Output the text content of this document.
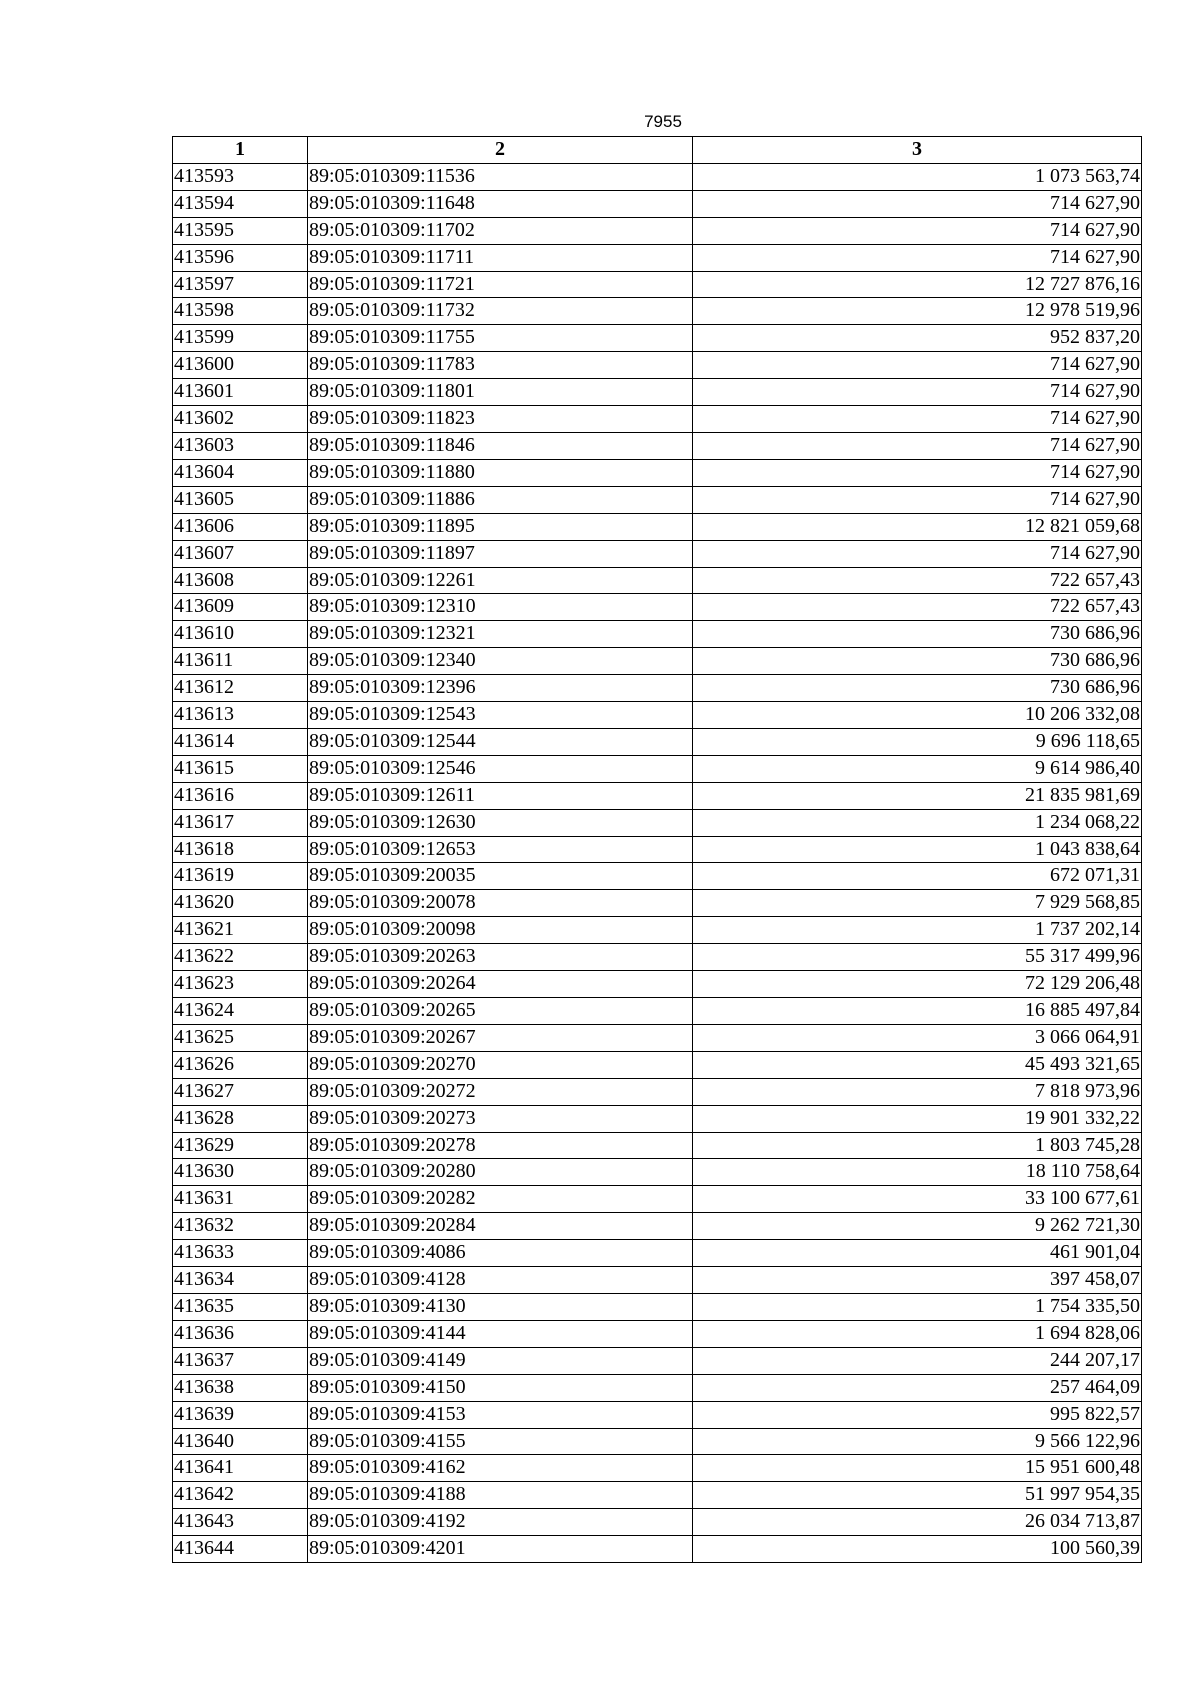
7955
1	2	3
413593	89:05:010309:11536	1 073 563,74
413594	89:05:010309:11648	714 627,90
413595	89:05:010309:11702	714 627,90
413596	89:05:010309:11711	714 627,90
413597	89:05:010309:11721	12 727 876,16
413598	89:05:010309:11732	12 978 519,96
413599	89:05:010309:11755	952 837,20
413600	89:05:010309:11783	714 627,90
413601	89:05:010309:11801	714 627,90
413602	89:05:010309:11823	714 627,90
413603	89:05:010309:11846	714 627,90
413604	89:05:010309:11880	714 627,90
413605	89:05:010309:11886	714 627,90
413606	89:05:010309:11895	12 821 059,68
413607	89:05:010309:11897	714 627,90
413608	89:05:010309:12261	722 657,43
413609	89:05:010309:12310	722 657,43
413610	89:05:010309:12321	730 686,96
413611	89:05:010309:12340	730 686,96
413612	89:05:010309:12396	730 686,96
413613	89:05:010309:12543	10 206 332,08
413614	89:05:010309:12544	9 696 118,65
413615	89:05:010309:12546	9 614 986,40
413616	89:05:010309:12611	21 835 981,69
413617	89:05:010309:12630	1 234 068,22
413618	89:05:010309:12653	1 043 838,64
413619	89:05:010309:20035	672 071,31
413620	89:05:010309:20078	7 929 568,85
413621	89:05:010309:20098	1 737 202,14
413622	89:05:010309:20263	55 317 499,96
413623	89:05:010309:20264	72 129 206,48
413624	89:05:010309:20265	16 885 497,84
413625	89:05:010309:20267	3 066 064,91
413626	89:05:010309:20270	45 493 321,65
413627	89:05:010309:20272	7 818 973,96
413628	89:05:010309:20273	19 901 332,22
413629	89:05:010309:20278	1 803 745,28
413630	89:05:010309:20280	18 110 758,64
413631	89:05:010309:20282	33 100 677,61
413632	89:05:010309:20284	9 262 721,30
413633	89:05:010309:4086	461 901,04
413634	89:05:010309:4128	397 458,07
413635	89:05:010309:4130	1 754 335,50
413636	89:05:010309:4144	1 694 828,06
413637	89:05:010309:4149	244 207,17
413638	89:05:010309:4150	257 464,09
413639	89:05:010309:4153	995 822,57
413640	89:05:010309:4155	9 566 122,96
413641	89:05:010309:4162	15 951 600,48
413642	89:05:010309:4188	51 997 954,35
413643	89:05:010309:4192	26 034 713,87
413644	89:05:010309:4201	100 560,39
